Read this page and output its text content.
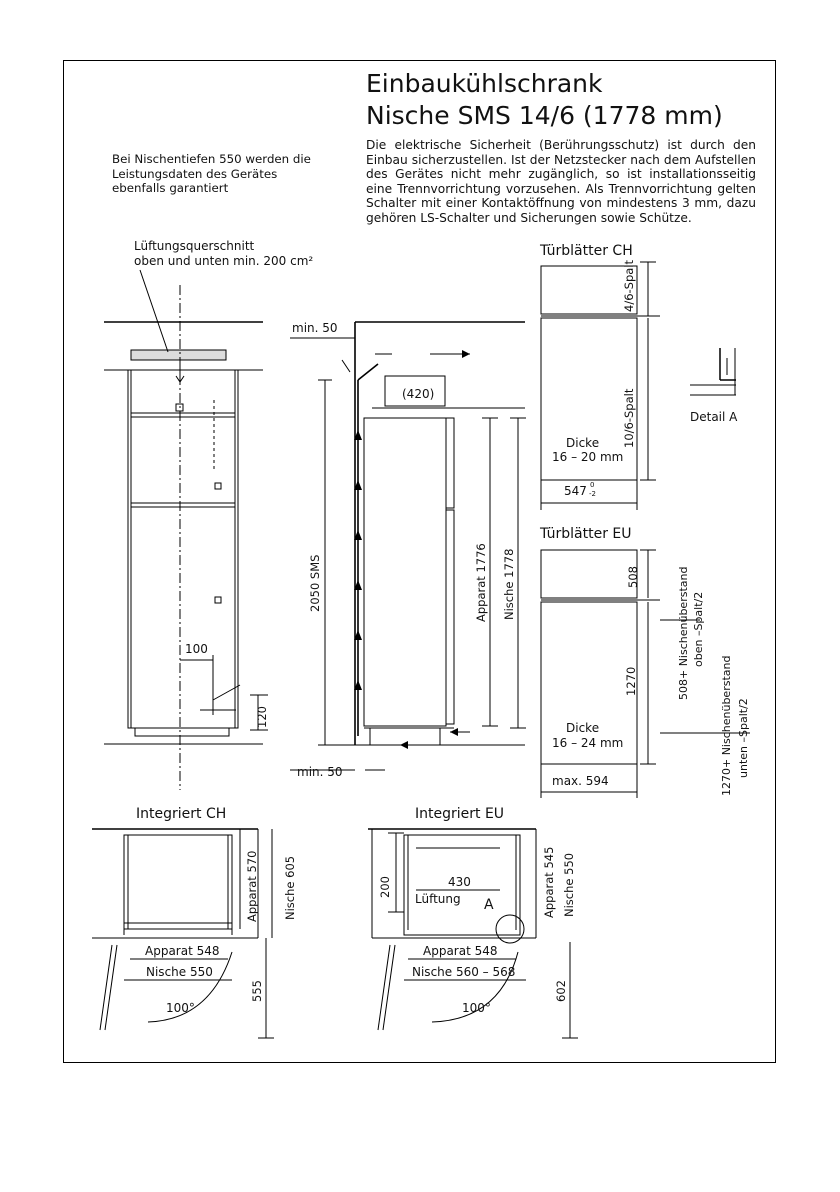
Einbaukühlschrank
Nische SMS 14/6 (1778 mm)
Bei Nischentiefen 550 werden die Leistungsdaten des Gerätes ebenfalls garantiert
Die elektrische Sicherheit (Berührungsschutz) ist durch den Einbau sicherzustellen. Ist der Netzstecker nach dem Aufstellen des Gerätes nicht mehr zugänglich, so ist installationsseitig eine Trennvorrichtung vorzusehen. Als Trennvorrichtung gelten Schalter mit einer Kontaktöffnung von mindestens 3 mm, dazu gehören LS-Schalter und Sicherungen sowie Schütze.
Lüftungsquerschnitt
oben und unten min. 200 cm²
min. 50
min. 50
(420)
2050 SMS	Apparat 1776 Nische 1778
100
120
Türblätter CH
4/6-Spalt
10/6-Spalt
Dicke
16 – 20 mm
547 0
-2
Detail A
Türblätter EU
508
1270	508+ Nischenüberstand oben –Spalt/2
1270+ Nischenüberstand unten –Spalt/2
Dicke
16 – 24 mm
max. 594
Integriert CH
Apparat 570 Nische 605
Apparat 548
Nische 550
555
100°
Integriert EU
430
200
Lüftung A	Apparat 545 Nische 550
Apparat 548
Nische 560 – 568
602
100°
